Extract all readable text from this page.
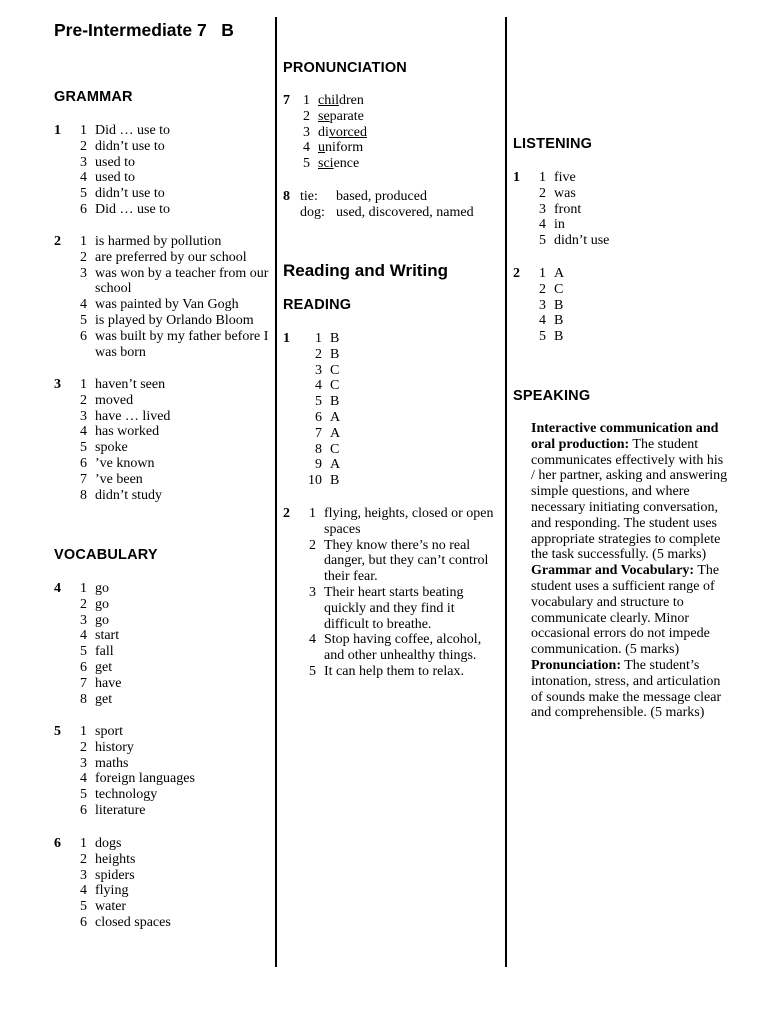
Pre-Intermediate 7   B
GRAMMAR
1	1 Did … use to
2 didn’t use to
3 used to
4 used to
5 didn’t use to
6 Did … use to
2	1 is harmed by pollution
2 are preferred by our school
3 was won by a teacher from our school
4 was painted by Van Gogh
5 is played by Orlando Bloom
6 was built by my father before I was born
3	1 haven’t seen
2 moved
3 have … lived
4 has worked
5 spoke
6 ’ve known
7 ’ve been
8 didn’t study
VOCABULARY
4	1 go
2 go
3 go
4 start
5 fall
6 get
7 have
8 get
5	1 sport
2 history
3 maths
4 foreign languages
5 technology
6 literature
6	1 dogs
2 heights
3 spiders
4 flying
5 water
6 closed spaces
PRONUNCIATION
7 1 children
2 separate
3 divorced
4 uniform
5 science
8 tie:	based, produced
dog: used, discovered, named
Reading and Writing
READING
1	1 B
2 B
3 C
4 C
5 B
6 A
7 A
8 C
9 A
10 B
2	1 flying, heights, closed or open spaces
2 They know there’s no real danger, but they can’t control their fear.
3 Their heart starts beating quickly and they find it difficult to breathe.
4 Stop having coffee, alcohol, and other unhealthy things.
5 It can help them to relax.
LISTENING
1	1 five
2 was
3 front
4 in
5 didn’t use
2	1 A
2 C
3 B
4 B
5 B
SPEAKING

Interactive communication and oral production: The student communicates effectively with his / her partner, asking and answering simple questions, and where necessary initiating conversation, and responding. The student uses appropriate strategies to complete the task successfully. (5 marks)

Grammar and Vocabulary: The student uses a sufficient range of vocabulary and structure to communicate clearly. Minor occasional errors do not impede communication. (5 marks)

Pronunciation: The student’s intonation, stress, and articulation of sounds make the message clear and comprehensible. (5 marks)
